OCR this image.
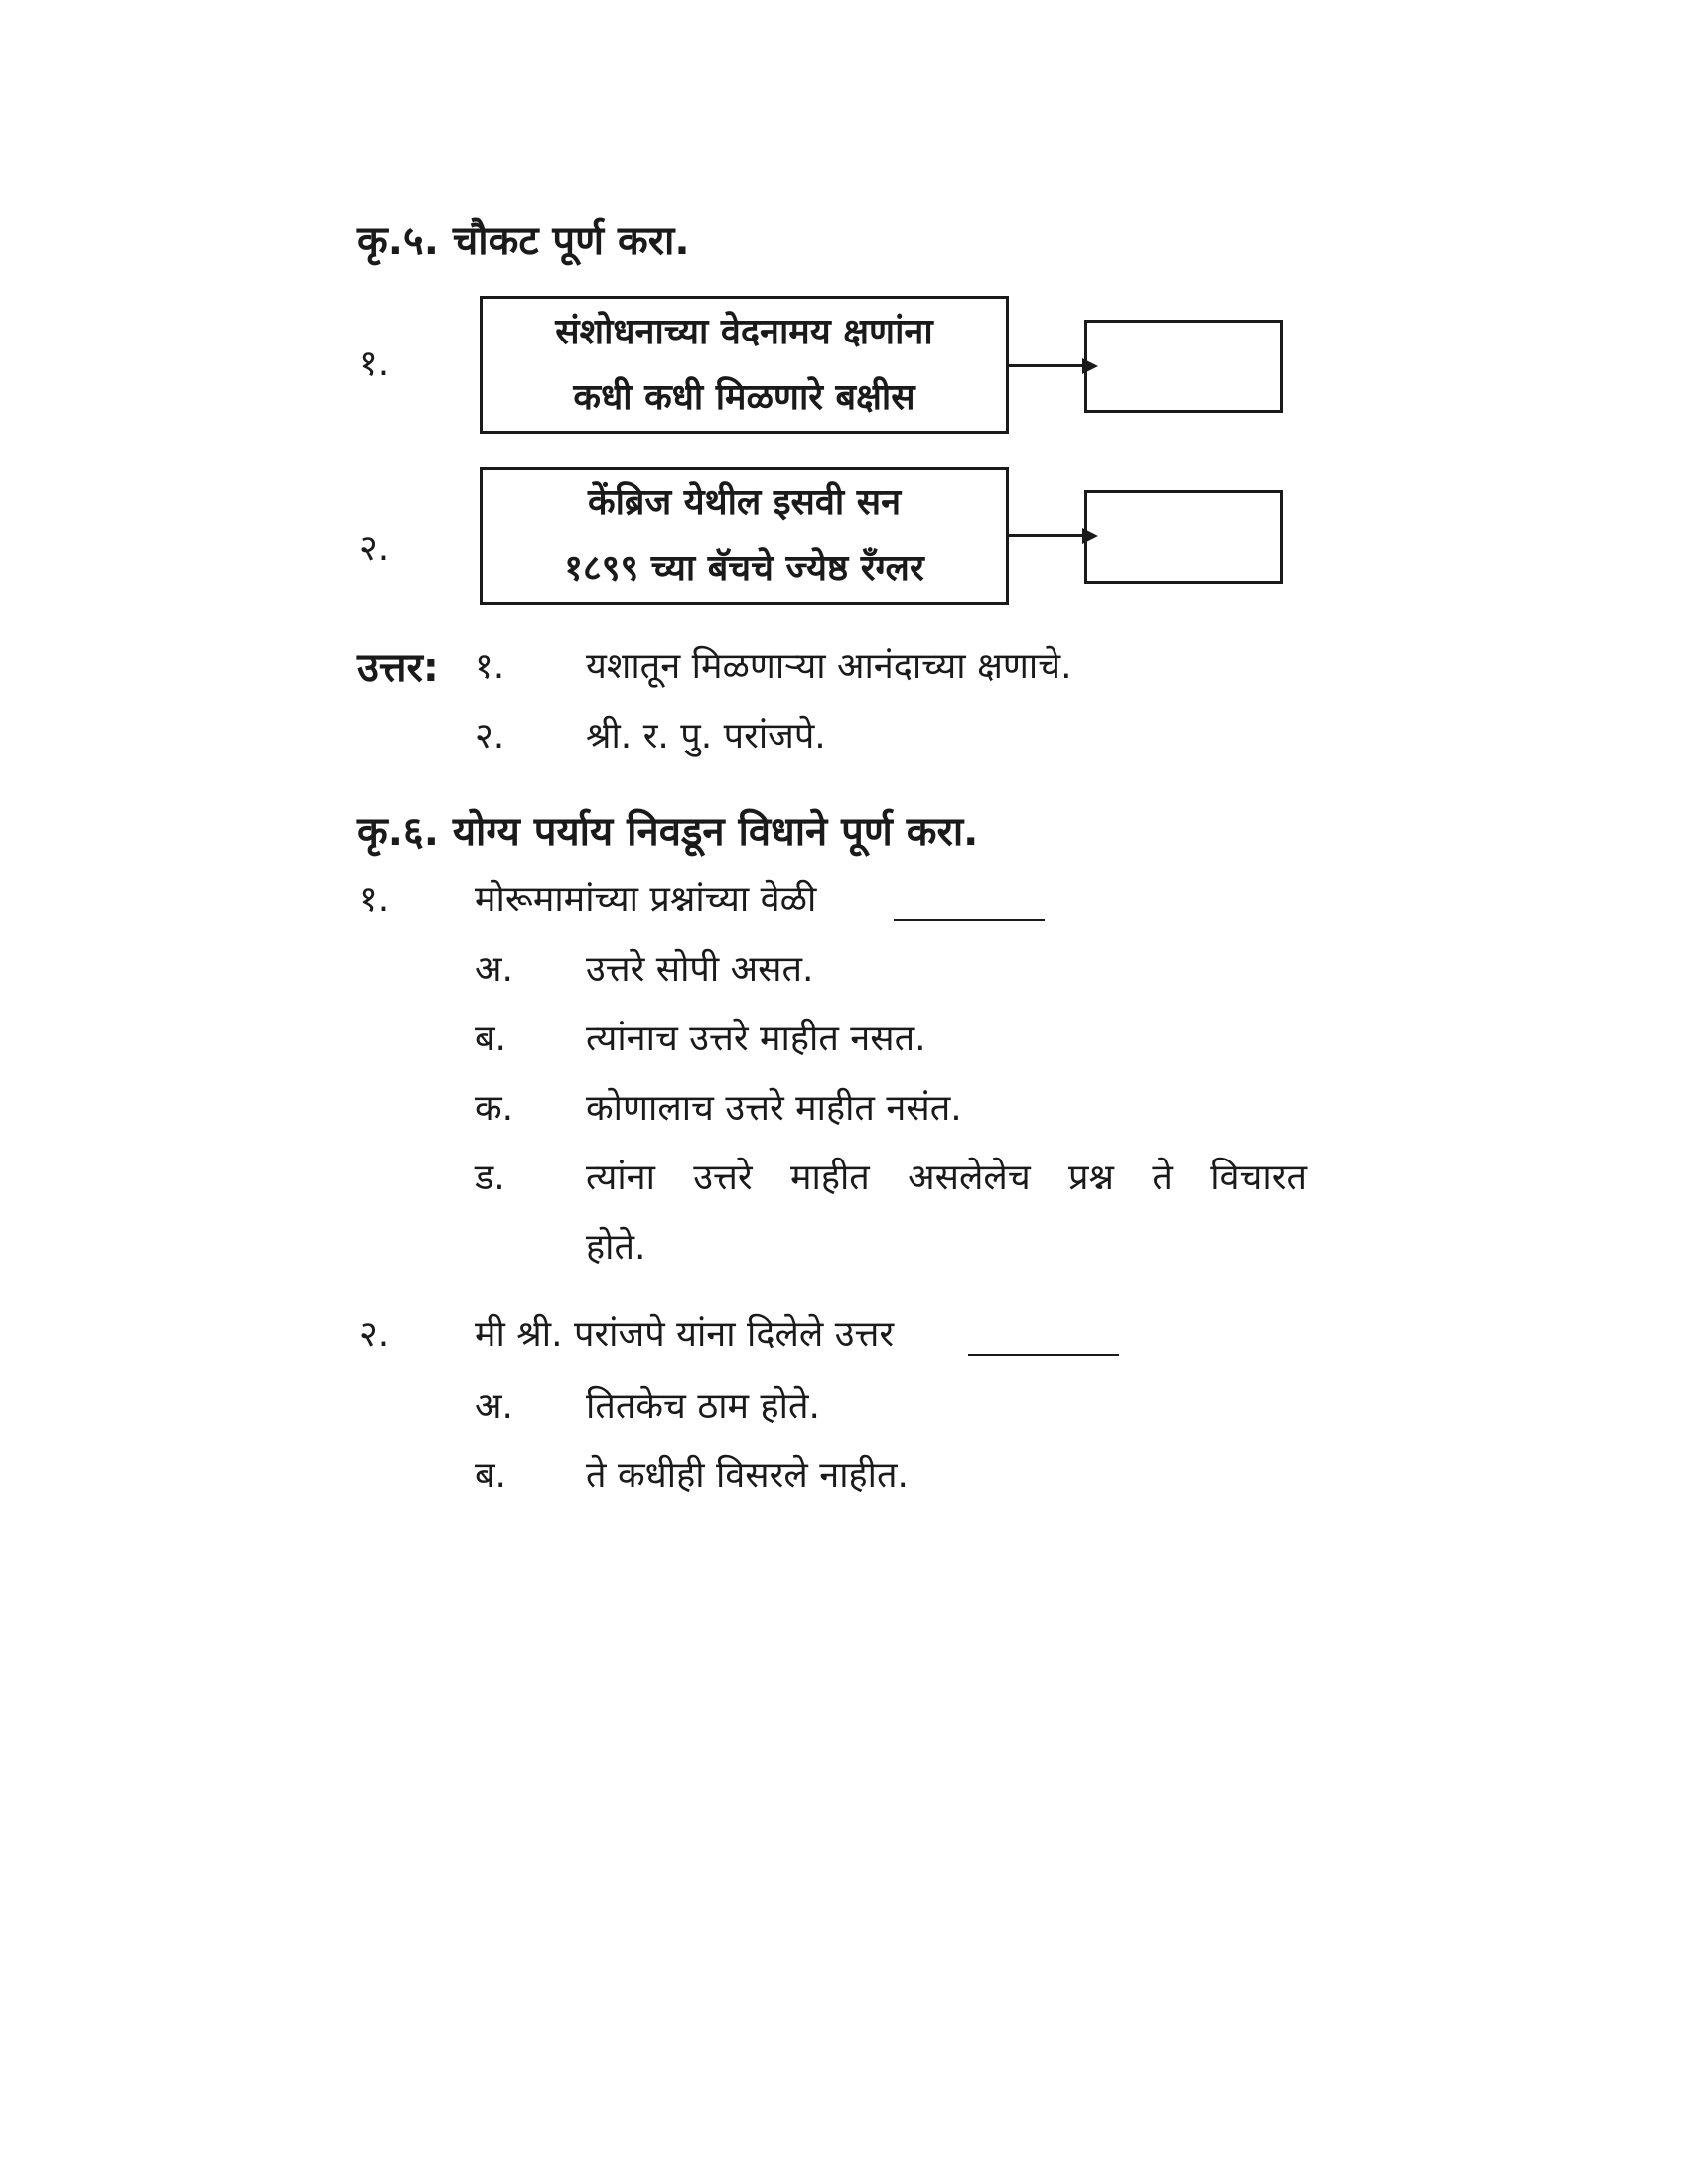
कृ.५. चौकट पूर्ण करा.
१.
संशोधनाच्या वेदनामय क्षणांना
कधी कधी मिळणारे बक्षीस
२.
केंब्रिज येथील इसवी सन
१८९९ च्या बॅचचे ज्येष्ठ रँग्लर
उत्तर: १. यशातून मिळणाऱ्या आनंदाच्या क्षणाचे.
२. श्री. र. पु. परांजपे.
कृ.६. योग्य पर्याय निवडून विधाने पूर्ण करा.
१. मोरूमामांच्या प्रश्नांच्या वेळी
अ. उत्तरे सोपी असत.
ब. त्यांनाच उत्तरे माहीत नसत.
क. कोणालाच उत्तरे माहीत नसंत.
ड. त्यांना उत्तरे माहीत असलेलेच प्रश्न ते विचारत
होते.
२. मी श्री. परांजपे यांना दिलेले उत्तर
अ. तितकेच ठाम होते.
ब. ते कधीही विसरले नाहीत.
